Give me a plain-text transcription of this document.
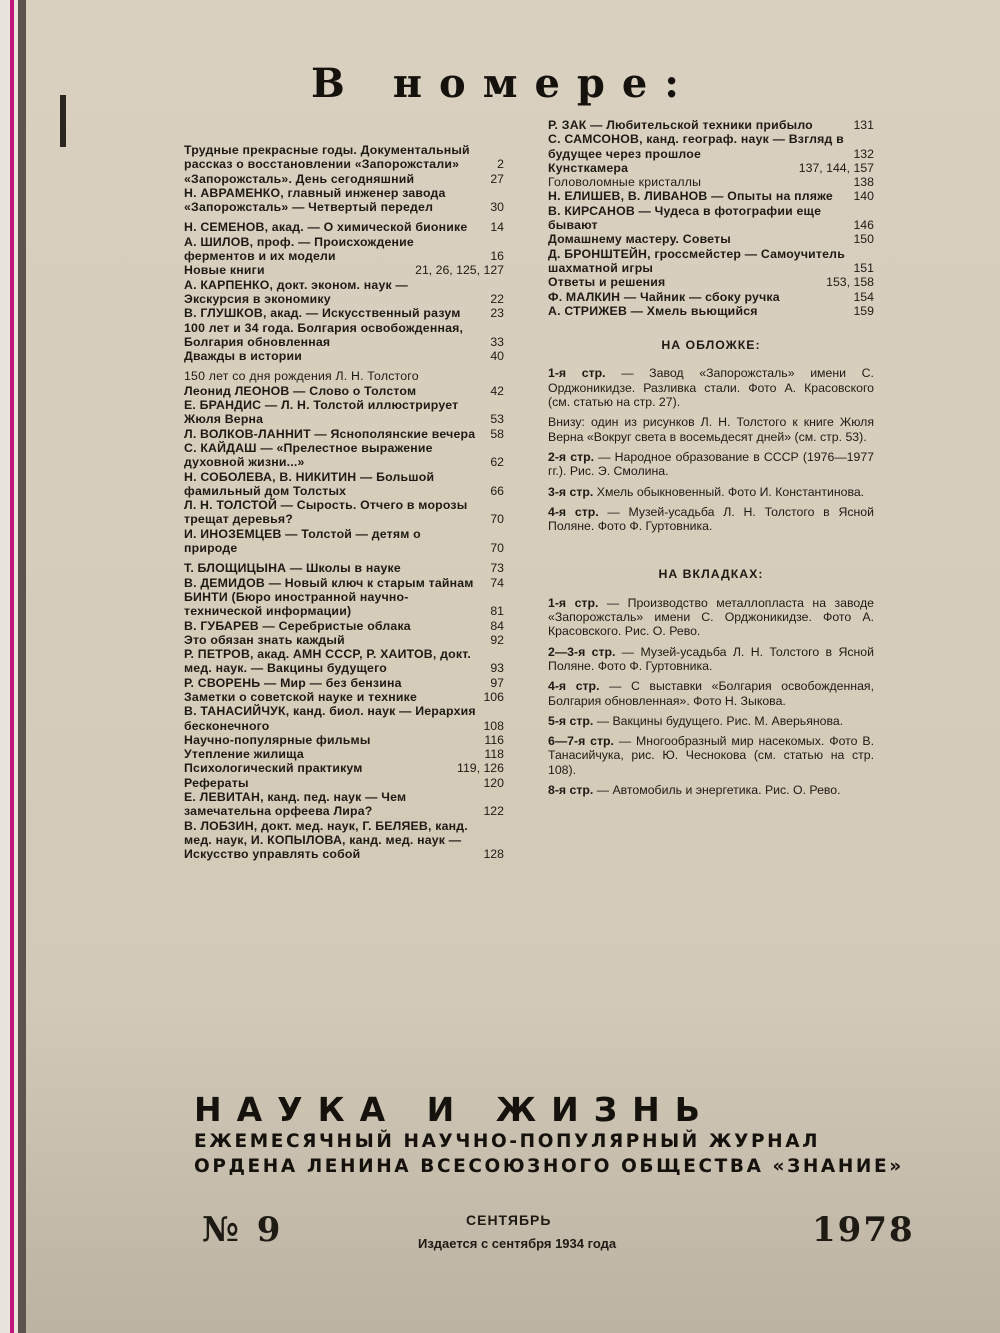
В номере:
Трудные прекрасные годы. Документальный рассказ о восстановлении «Запорожстали»	2
«Запорожсталь». День сегодняшний	27
Н. АВРАМЕНКО, главный инженер завода «Запорожсталь» — Четвертый передел	30
Н. СЕМЕНОВ, акад. — О химической бионике	14
А. ШИЛОВ, проф. — Происхождение ферментов и их модели	16
Новые книги	21, 26, 125, 127
А. КАРПЕНКО, докт. эконом. наук — Экскурсия в экономику	22
В. ГЛУШКОВ, акад. — Искусственный разум	23
100 лет и 34 года. Болгария освобожденная, Болгария обновленная	33
Дважды в истории	40
150 лет со дня рождения Л. Н. Толстого
Леонид ЛЕОНОВ — Слово о Толстом	42
Е. БРАНДИС — Л. Н. Толстой иллюстрирует Жюля Верна	53
Л. ВОЛКОВ-ЛАННИТ — Яснополянские вечера	58
С. КАЙДАШ — «Прелестное выражение духовной жизни...»	62
Н. СОБОЛЕВА, В. НИКИТИН — Большой фамильный дом Толстых	66
Л. Н. ТОЛСТОЙ — Сырость. Отчего в морозы трещат деревья?	70
И. ИНОЗЕМЦЕВ — Толстой — детям о природе	70
Т. БЛОЩИЦЫНА — Школы в науке	73
В. ДЕМИДОВ — Новый ключ к старым тайнам	74
БИНТИ (Бюро иностранной научно-технической информации)	81
В. ГУБАРЕВ — Серебристые облака	84
Это обязан знать каждый	92
Р. ПЕТРОВ, акад. АМН СССР, Р. ХАИТОВ, докт. мед. наук. — Вакцины будущего	93
Р. СВОРЕНЬ — Мир — без бензина	97
Заметки о советской науке и технике	106
В. ТАНАСИЙЧУК, канд. биол. наук — Иерархия бесконечного	108
Научно-популярные фильмы	116
Утепление жилища	118
Психологический практикум	119, 126
Рефераты	120
Е. ЛЕВИТАН, канд. пед. наук — Чем замечательна орфеева Лира?	122
В. ЛОБЗИН, докт. мед. наук, Г. БЕЛЯЕВ, канд. мед. наук, И. КОПЫЛОВА, канд. мед. наук — Искусство управлять собой	128
Р. ЗАК — Любительской техники прибыло	131
С. САМСОНОВ, канд. географ. наук — Взгляд в будущее через прошлое	132
Кунсткамера	137, 144, 157
Головоломные кристаллы	138
Н. ЕЛИШЕВ, В. ЛИВАНОВ — Опыты на пляже	140
В. КИРСАНОВ — Чудеса в фотографии еще бывают	146
Домашнему мастеру. Советы	150
Д. БРОНШТЕЙН, гроссмейстер — Самоучитель шахматной игры	151
Ответы и решения	153, 158
Ф. МАЛКИН — Чайник — сбоку ручка	154
А. СТРИЖЕВ — Хмель вьющийся	159
НА ОБЛОЖКЕ:
1-я стр. — Завод «Запорожсталь» имени С. Орджоникидзе. Разливка стали. Фото А. Красовского (см. статью на стр. 27).
Внизу: один из рисунков Л. Н. Толстого к книге Жюля Верна «Вокруг света в восемьдесят дней» (см. стр. 53).
2-я стр. — Народное образование в СССР (1976—1977 гг.). Рис. Э. Смолина.
3-я стр. Хмель обыкновенный. Фото И. Константинова.
4-я стр. — Музей-усадьба Л. Н. Толстого в Ясной Поляне. Фото Ф. Гуртовника.
НА ВКЛАДКАХ:
1-я стр. — Производство металлопласта на заводе «Запорожсталь» имени С. Орджоникидзе. Фото А. Красовского. Рис. О. Рево.
2—3-я стр. — Музей-усадьба Л. Н. Толстого в Ясной Поляне. Фото Ф. Гуртовника.
4-я стр. — С выставки «Болгария освобожденная, Болгария обновленная». Фото Н. Зыкова.
5-я стр. — Вакцины будущего. Рис. М. Аверьянова.
6—7-я стр. — Многообразный мир насекомых. Фото В. Танасийчука, рис. Ю. Чеснокова (см. статью на стр. 108).
8-я стр. — Автомобиль и энергетика. Рис. О. Рево.
НАУКА И ЖИЗНЬ
ЕЖЕМЕСЯЧНЫЙ НАУЧНО-ПОПУЛЯРНЫЙ ЖУРНАЛ
ОРДЕНА ЛЕНИНА ВСЕСОЮЗНОГО ОБЩЕСТВА «ЗНАНИЕ»
№ 9	СЕНТЯБРЬ
Издается с сентября 1934 года	1978
